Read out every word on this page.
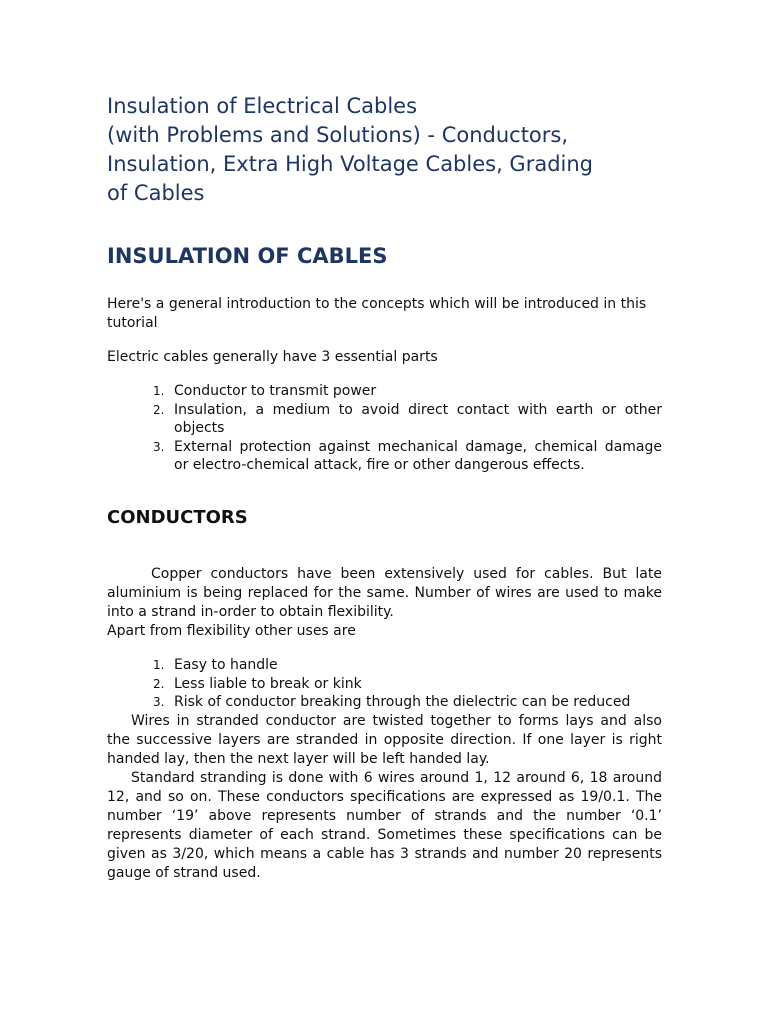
Insulation of Electrical Cables
(with Problems and Solutions) - Conductors,
Insulation, Extra High Voltage Cables, Grading
of Cables
INSULATION OF CABLES

Here's a general introduction to the concepts which will be introduced in this tutorial

Electric cables generally have 3 essential parts

1. Conductor to transmit power
2. Insulation, a medium to avoid direct contact with earth or other objects
3. External protection against mechanical damage, chemical damage or electro-chemical attack, fire or other dangerous effects.
CONDUCTORS

Copper conductors have been extensively used for cables. But late aluminium is being replaced for the same. Number of wires are used to make into a strand in-order to obtain flexibility.

Apart from flexibility other uses are

1. Easy to handle
2. Less liable to break or kink
3. Risk of conductor breaking through the dielectric can be reduced

Wires in stranded conductor are twisted together to forms lays and also the successive layers are stranded in opposite direction. If one layer is right handed lay, then the next layer will be left handed lay.

Standard stranding is done with 6 wires around 1, 12 around 6, 18 around 12, and so on. These conductors specifications are expressed as 19/0.1. The number ‘19’ above represents number of strands and the number ‘0.1’ represents diameter of each strand. Sometimes these specifications can be given as 3/20, which means a cable has 3 strands and number 20 represents gauge of strand used.
